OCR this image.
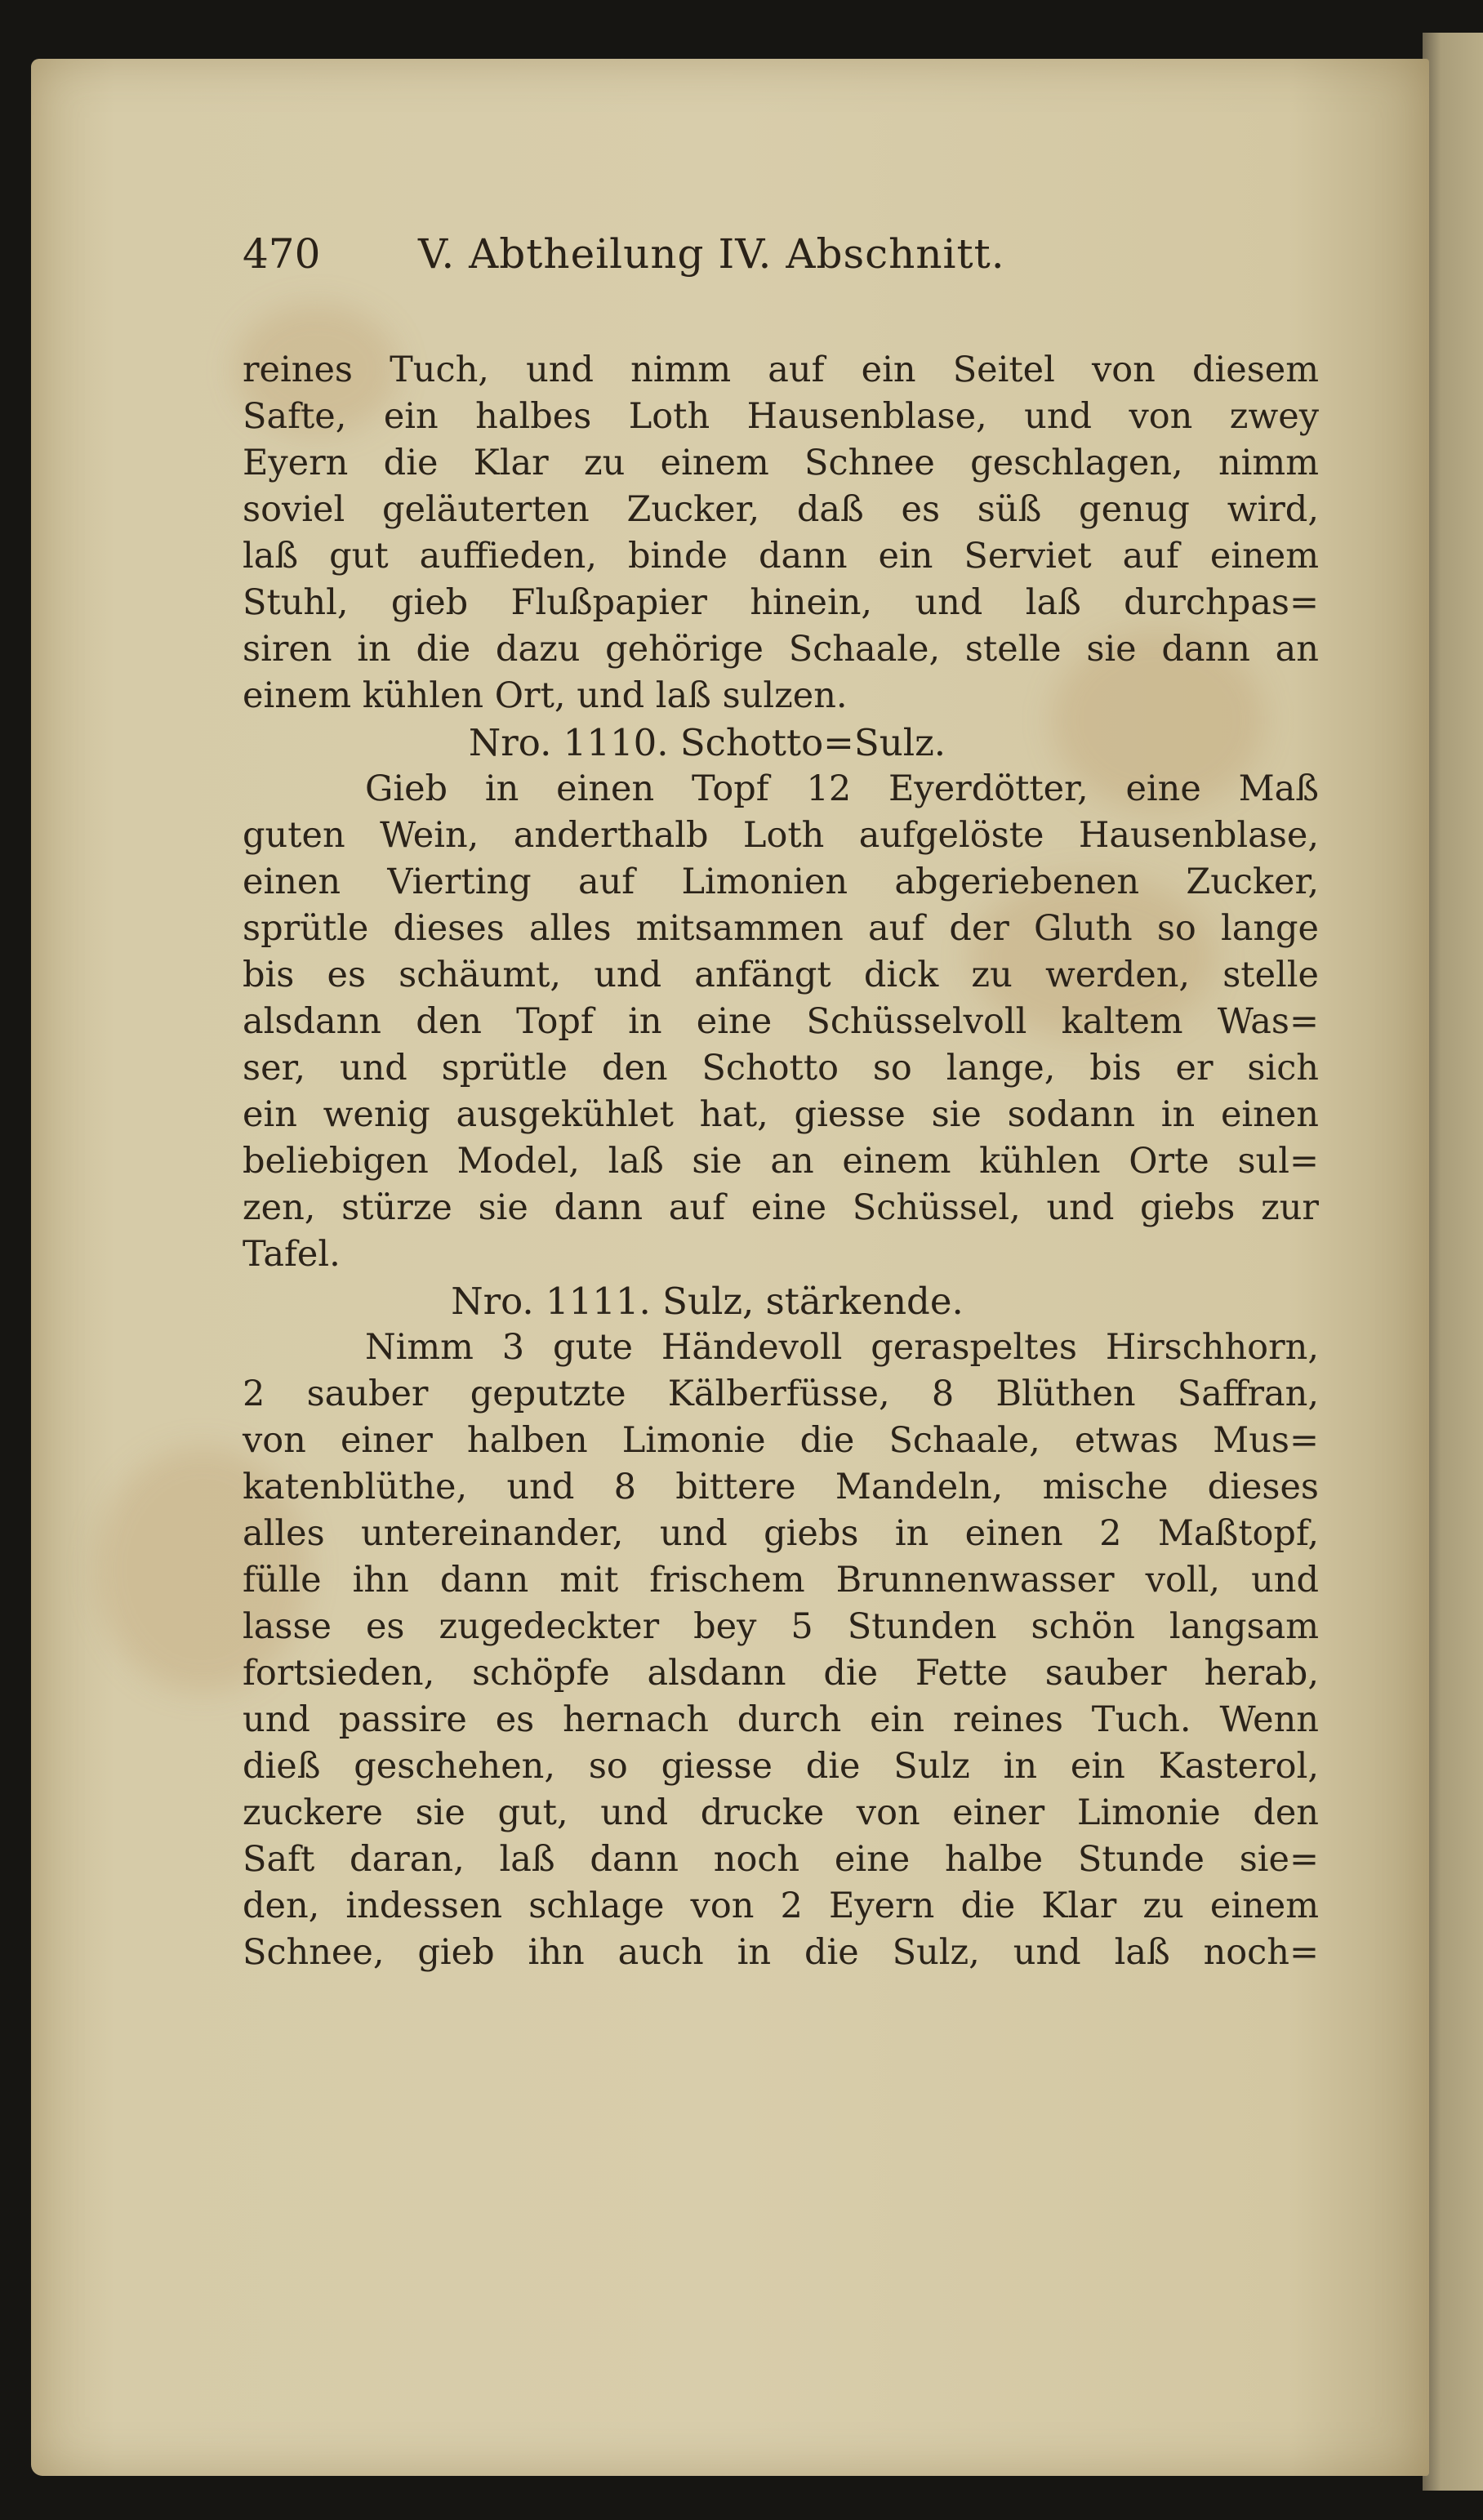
470 V. Abtheilung IV. Abschnitt.
reines Tuch, und nimm auf ein Seitel von diesem
Safte, ein halbes Loth Hausenblase, und von zwey
Eyern die Klar zu einem Schnee geschlagen, nimm
soviel geläuterten Zucker, daß es süß genug wird,
laß gut auffieden, binde dann ein Serviet auf einem
Stuhl, gieb Flußpapier hinein, und laß durchpas=
siren in die dazu gehörige Schaale, stelle sie dann an
einem kühlen Ort, und laß sulzen.
Nro. 1110. Schotto=Sulz.
Gieb in einen Topf 12 Eyerdötter, eine Maß
guten Wein, anderthalb Loth aufgelöste Hausenblase,
einen Vierting auf Limonien abgeriebenen Zucker,
sprütle dieses alles mitsammen auf der Gluth so lange
bis es schäumt, und anfängt dick zu werden, stelle
alsdann den Topf in eine Schüsselvoll kaltem Was=
ser, und sprütle den Schotto so lange, bis er sich
ein wenig ausgekühlet hat, giesse sie sodann in einen
beliebigen Model, laß sie an einem kühlen Orte sul=
zen, stürze sie dann auf eine Schüssel, und giebs zur
Tafel.
Nro. 1111. Sulz, stärkende.
Nimm 3 gute Händevoll geraspeltes Hirschhorn,
2 sauber geputzte Kälberfüsse, 8 Blüthen Saffran,
von einer halben Limonie die Schaale, etwas Mus=
katenblüthe, und 8 bittere Mandeln, mische dieses
alles untereinander, und giebs in einen 2 Maßtopf,
fülle ihn dann mit frischem Brunnenwasser voll, und
lasse es zugedeckter bey 5 Stunden schön langsam
fortsieden, schöpfe alsdann die Fette sauber herab,
und passire es hernach durch ein reines Tuch. Wenn
dieß geschehen, so giesse die Sulz in ein Kasterol,
zuckere sie gut, und drucke von einer Limonie den
Saft daran, laß dann noch eine halbe Stunde sie=
den, indessen schlage von 2 Eyern die Klar zu einem
Schnee, gieb ihn auch in die Sulz, und laß noch=
